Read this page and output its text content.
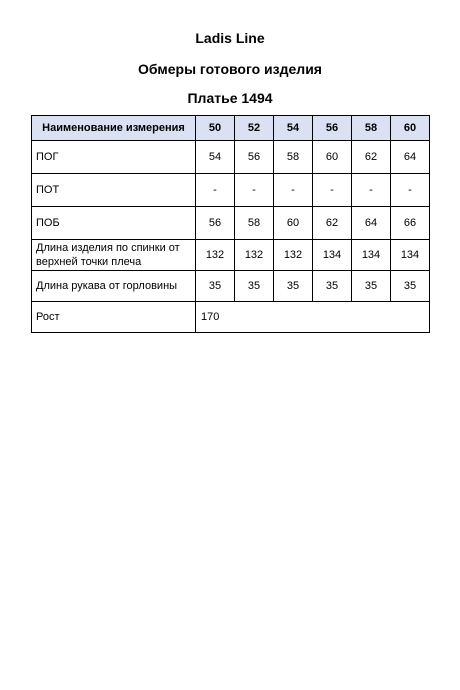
Ladis Line
Обмеры готового изделия
Платье 1494
Наименование измерения	50	52	54	56	58	60
ПОГ	54	56	58	60	62	64
ПОТ	-	-	-	-	-	-
ПОБ	56	58	60	62	64	66
Длина изделия по спинки от верхней точки плеча	132	132	132	134	134	134
Длина рукава от горловины	35	35	35	35	35	35
Рост	170					
